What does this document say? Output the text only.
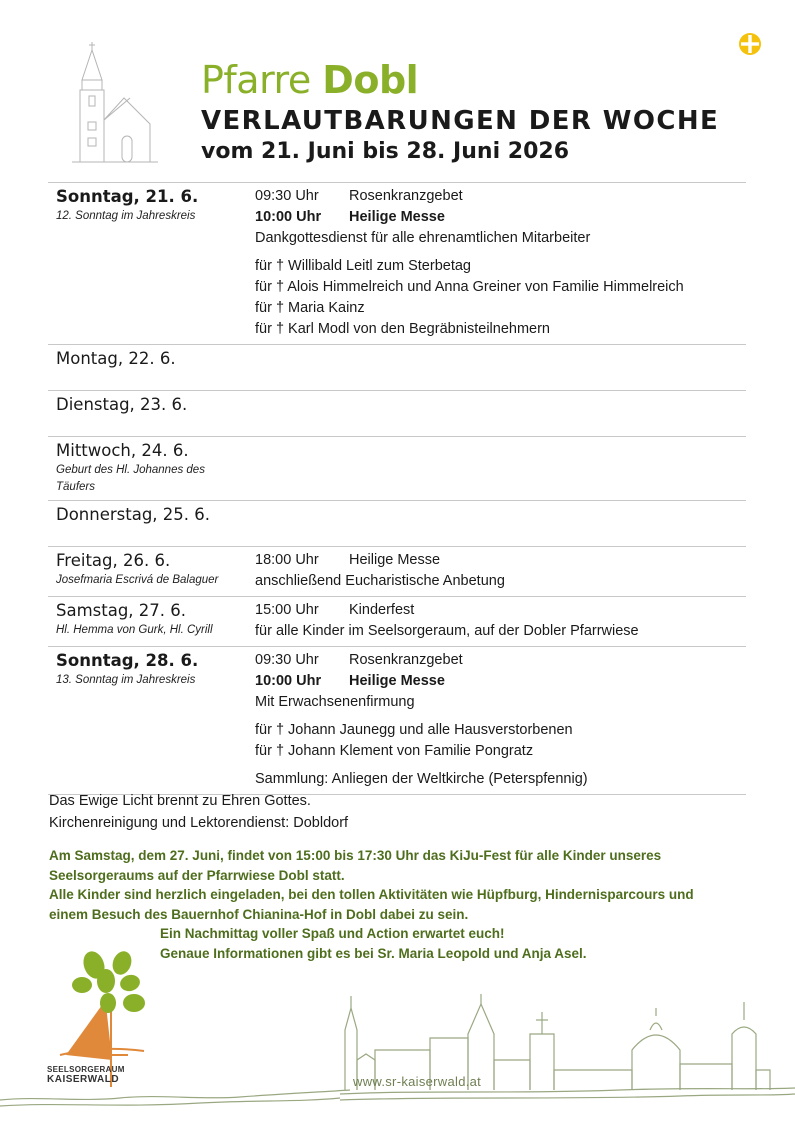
Pfarre Dobl
VERLAUTBARUNGEN DER WOCHE
vom 21. Juni bis 28. Juni 2026
Sonntag, 21. 6.
12. Sonntag im Jahreskreis
09:30 Uhr	Rosenkranzgebet
10:00 Uhr	Heilige Messe
Dankgottesdienst für alle ehrenamtlichen Mitarbeiter
für † Willibald Leitl zum Sterbetag
für † Alois Himmelreich und Anna Greiner von Familie Himmelreich
für † Maria Kainz
für † Karl Modl von den Begräbnisteilnehmern
Montag, 22. 6.
Dienstag, 23. 6.
Mittwoch, 24. 6.
Geburt des Hl. Johannes des
Täufers
Donnerstag, 25. 6.
Freitag, 26. 6.
Josefmaria Escrivá de Balaguer
18:00 Uhr	Heilige Messe
anschließend Eucharistische Anbetung
Samstag, 27. 6.
Hl. Hemma von Gurk, Hl. Cyrill
15:00 Uhr	Kinderfest
für alle Kinder im Seelsorgeraum, auf der Dobler Pfarrwiese
Sonntag, 28. 6.
13. Sonntag im Jahreskreis
09:30 Uhr	Rosenkranzgebet
10:00 Uhr	Heilige Messe
Mit Erwachsenenfirmung
für † Johann Jaunegg und alle Hausverstorbenen
für † Johann Klement von Familie Pongratz
Sammlung: Anliegen der Weltkirche (Peterspfennig)
Das Ewige Licht brennt zu Ehren Gottes.
Kirchenreinigung und Lektorendienst: Dobldorf
Am Samstag, dem 27. Juni, findet von 15:00 bis 17:30 Uhr das KiJu-Fest für alle Kinder unseres
Seelsorgeraums auf der Pfarrwiese Dobl statt.
Alle Kinder sind herzlich eingeladen, bei den tollen Aktivitäten wie Hüpfburg, Hindernisparcours und
einem Besuch des Bauernhof Chianina-Hof in Dobl dabei zu sein.
Ein Nachmittag voller Spaß und Action erwartet euch!
Genaue Informationen gibt es bei Sr. Maria Leopold und Anja Asel.
SEELSORGERAUM
KAISERWALD	www.sr-kaiserwald.at
